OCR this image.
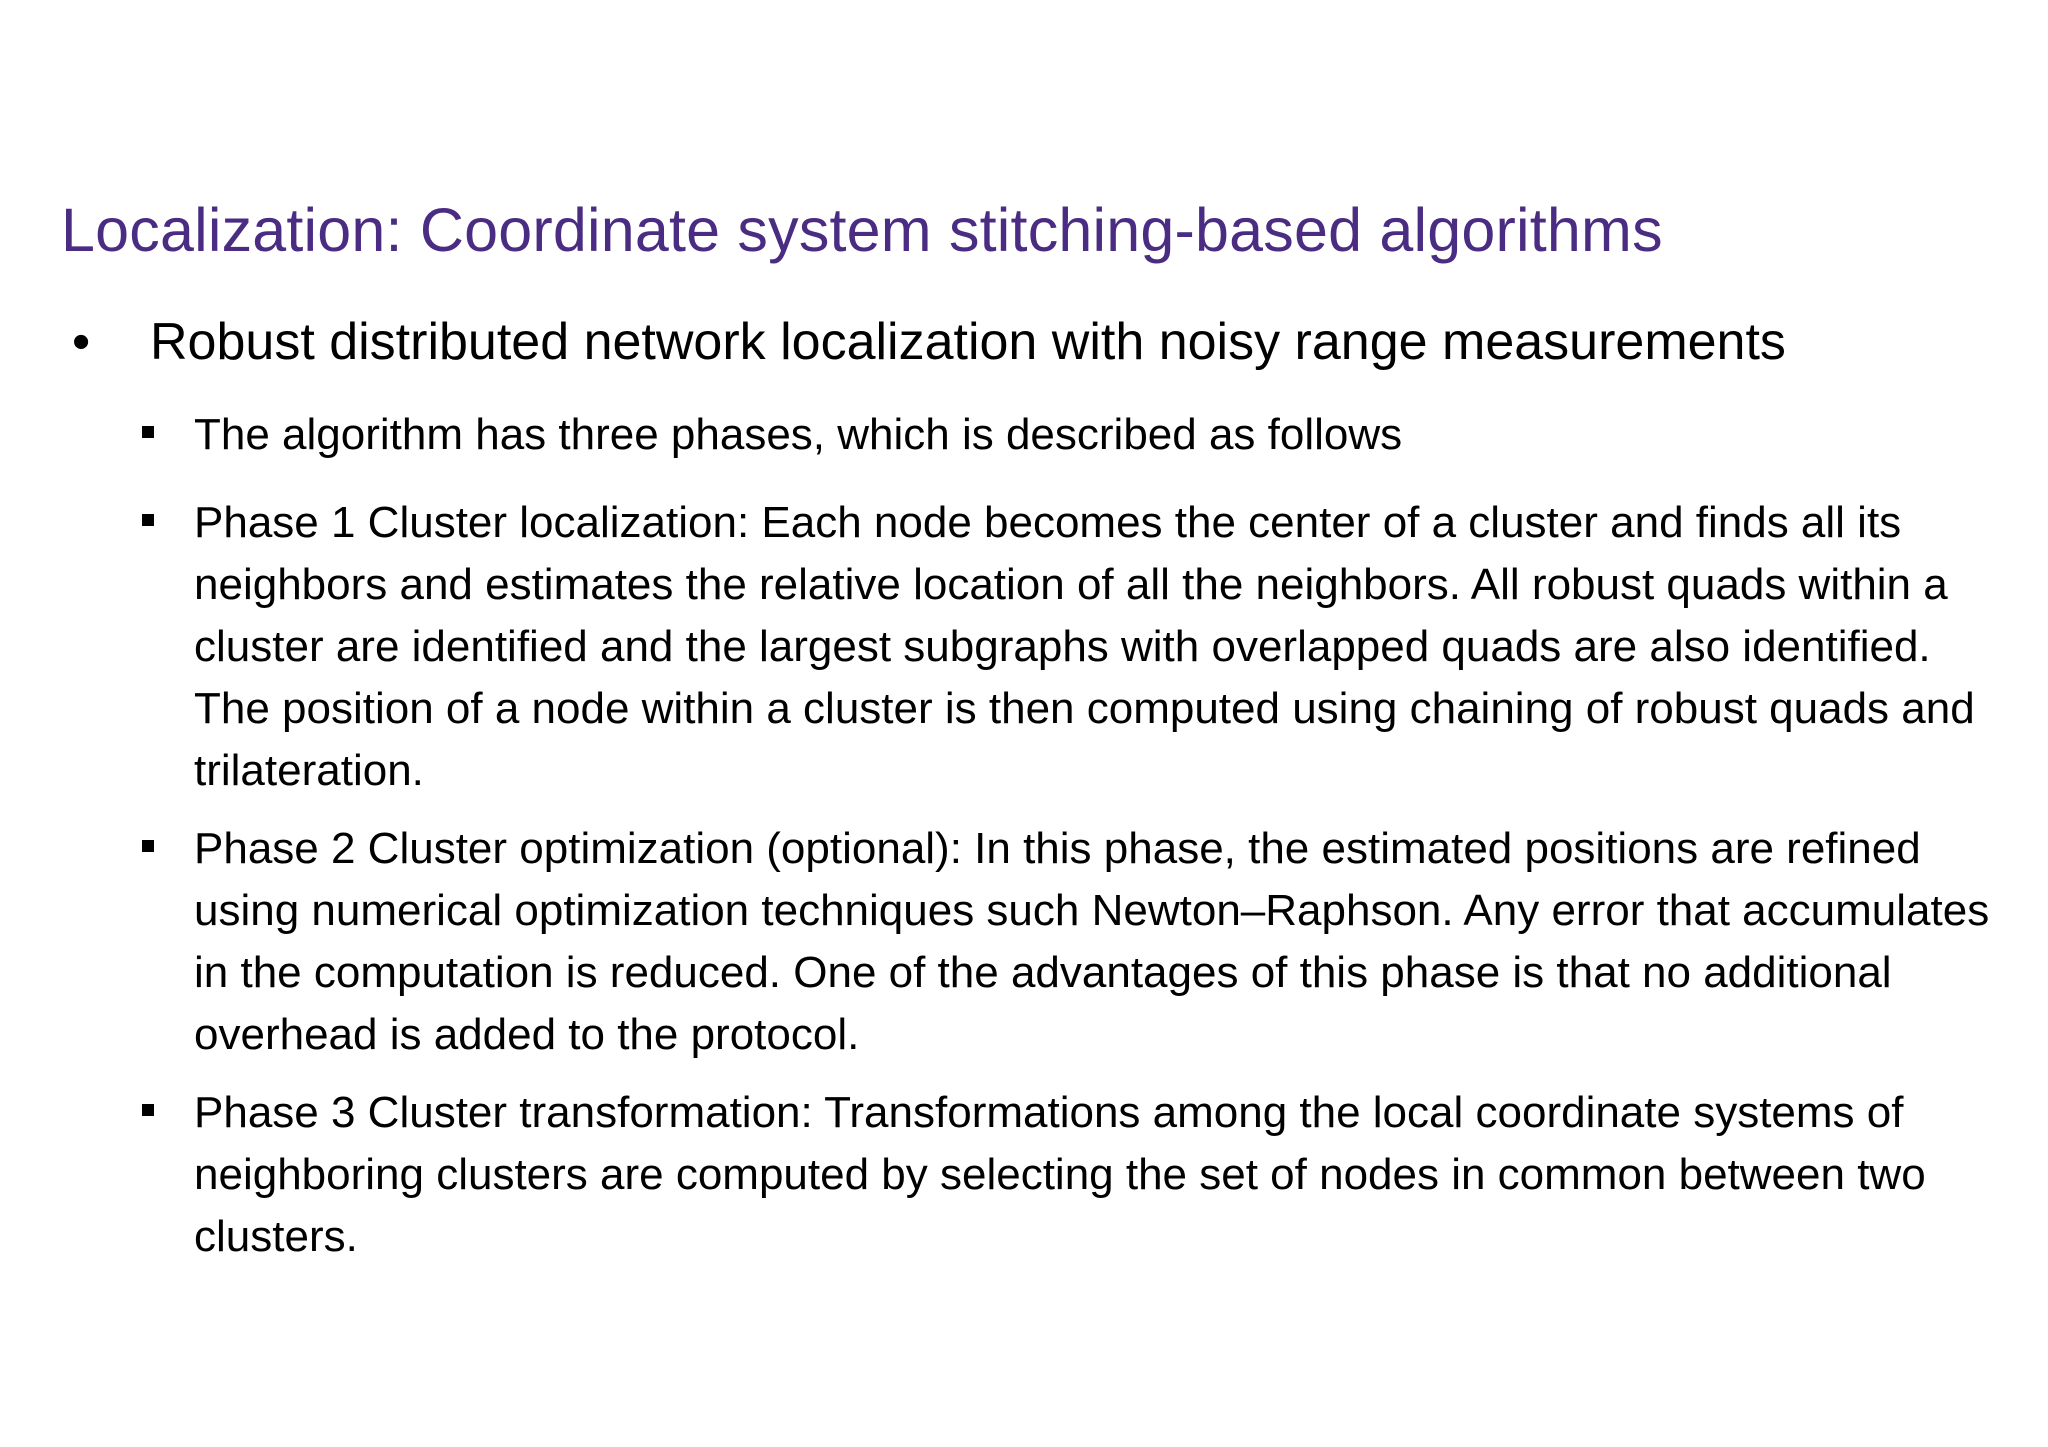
Localization: Coordinate system stitching-based algorithms
•	Robust distributed network localization with noisy range measurements
The algorithm has three phases, which is described as follows
Phase 1 Cluster localization: Each node becomes the center of a cluster and finds all its neighbors and estimates the relative location of all the neighbors. All robust quads within a cluster are identified and the largest subgraphs with overlapped quads are also identified. The position of a node within a cluster is then computed using chaining of robust quads and trilateration.
Phase 2 Cluster optimization (optional): In this phase, the estimated positions are refined using numerical optimization techniques such Newton–Raphson. Any error that accumulates in the computation is reduced. One of the advantages of this phase is that no additional overhead is added to the protocol.
Phase 3 Cluster transformation: Transformations among the local coordinate systems of neighboring clusters are computed by selecting the set of nodes in common between two clusters.
